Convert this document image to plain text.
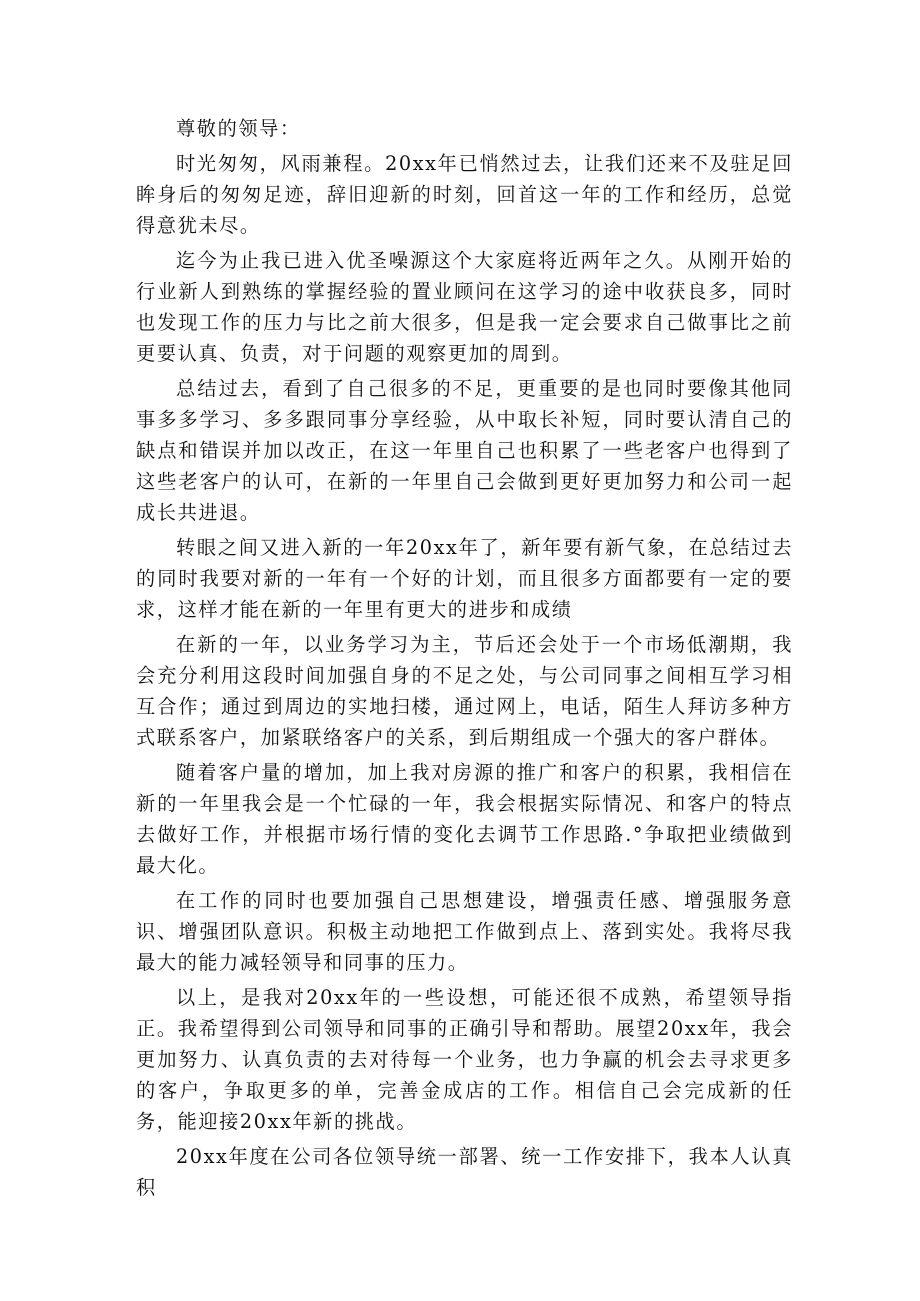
尊敬的领导：

时光匆匆，风雨兼程。20xx年已悄然过去，让我们还来不及驻足回眸身后的匆匆足迹，辞旧迎新的时刻，回首这一年的工作和经历，总觉得意犹未尽。

迄今为止我已进入优圣噪源这个大家庭将近两年之久。从刚开始的行业新人到熟练的掌握经验的置业顾问在这学习的途中收获良多，同时也发现工作的压力与比之前大很多，但是我一定会要求自己做事比之前更要认真、负责，对于问题的观察更加的周到。

总结过去，看到了自己很多的不足，更重要的是也同时要像其他同事多多学习、多多跟同事分享经验，从中取长补短，同时要认清自己的缺点和错误并加以改正，在这一年里自己也积累了一些老客户也得到了这些老客户的认可，在新的一年里自己会做到更好更加努力和公司一起成长共进退。

转眼之间又进入新的一年20xx年了，新年要有新气象，在总结过去的同时我要对新的一年有一个好的计划，而且很多方面都要有一定的要求，这样才能在新的一年里有更大的进步和成绩

在新的一年，以业务学习为主，节后还会处于一个市场低潮期，我会充分利用这段时间加强自身的不足之处，与公司同事之间相互学习相互合作；通过到周边的实地扫楼，通过网上，电话，陌生人拜访多种方式联系客户，加紧联络客户的关系，到后期组成一个强大的客户群体。

随着客户量的增加，加上我对房源的推广和客户的积累，我相信在新的一年里我会是一个忙碌的一年，我会根据实际情况、和客户的特点去做好工作，并根据市场行情的变化去调节工作思路.°争取把业绩做到最大化。

在工作的同时也要加强自己思想建设，增强责任感、增强服务意识、增强团队意识。积极主动地把工作做到点上、落到实处。我将尽我最大的能力减轻领导和同事的压力。

以上，是我对20xx年的一些设想，可能还很不成熟，希望领导指正。我希望得到公司领导和同事的正确引导和帮助。展望20xx年，我会更加努力、认真负责的去对待每一个业务，也力争赢的机会去寻求更多的客户，争取更多的单，完善金成店的工作。相信自己会完成新的任务，能迎接20xx年新的挑战。

20xx年度在公司各位领导统一部署、统一工作安排下，我本人认真积
